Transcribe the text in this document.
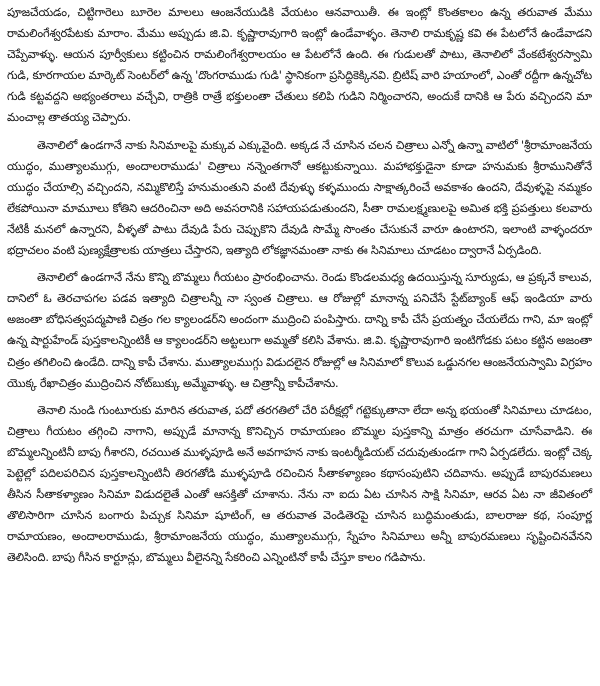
పూజచేయడం, చిట్టిగారెలు బూరెల మాలలు ఆంజనేయుడికి వేయటం ఆనవాయితీ. ఈ ఇంట్లో కొంతకాలం ఉన్న తరువాత మేము రామలింగేశ్వరపేటకు మారాం. మేము అప్పుడు జి.వి. కృష్ణారావుగారి ఇంట్లో ఉండేవాళ్ళం. తెనాలి రామకృష్ణ కవి ఈ పేటలోనే ఉండేవాడని చెప్పేవాళ్ళు. ఆయన పూర్వీకులు కట్టించిన రామలింగేశ్వరాలయం ఆ పేటలోనే ఉంది. ఈ గుడులతో పాటు, తెనాలిలో వేంకటేశ్వరస్వామి గుడి, కూరగాయల మార్కెట్ సెంటర్‌లో ఉన్న 'దొంగరాముడు గుడి' స్థానికంగా ప్రసిద్ధికెక్కినవి. బ్రిటిష్ వారి హయాంలో, ఎంతో రద్దీగా ఉన్నచోట గుడి కట్టవద్దని అభ్యంతరాలు వచ్చేవి, రాత్రికి రాత్రే భక్తులంతా చేతులు కలిపి గుడిని నిర్మించారని, అందుకే దానికి ఆ పేరు వచ్చిందని మా మంచాల్ల తాతయ్య చెప్పారు.

తెనాలిలో ఉండగానే నాకు సినిమాలపై మక్కువ ఎక్కువైంది. అక్కడ నే చూసిన చలన చిత్రాలు ఎన్నో ఉన్నా వాటిలో 'శ్రీరామాంజనేయ యుద్ధం, ముత్యాలముగ్గు, అందాలరాముడు' చిత్రాలు నన్నెంతగానో ఆకట్టుకున్నాయి. మహాభక్తుడైనా కూడా హనుమకు శ్రీరామునితోనే యుద్ధం చేయాల్సి వచ్చిందని, నమ్మికొలిస్తే హనుమంతుని వంటి దేవుళ్ళు కళ్ళముందు సాక్షాత్కరించే అవకాశం ఉందని, దేవుళ్ళపై నమ్మకం లేకపోయినా మామూలు కోతిని ఆదరించినా అది అవసరానికి సహాయపడుతుందని, సీతా రామలక్ష్మణులపై అమిత భక్తి ప్రపత్తులు కలవారు నేటికీ మనలో ఉన్నారని, వీళ్ళతో పాటు దేవుడి పేరు చెప్పుకొని దేవుడి సొమ్మే సొంతం చేసుకునే వారూ ఉంటారని, ఇలాంటి వాళ్ళందరూ భద్రాచలం వంటి పుణ్యక్షేత్రాలకు యాత్రలు చేస్తారని, ఇత్యాది లోకజ్ఞానమంతా నాకు ఈ సినిమాలు చూడటం ద్వారానే ఏర్పడింది.

తెనాలిలో ఉండగానే నేను కొన్ని బొమ్మలు గీయటం ప్రారంభించాను. రెండు కొండలమధ్య ఉదయిస్తున్న సూర్యుడు, ఆ ప్రక్కనే కాలువ, దానిలో ఓ తెరచాపగల పడవ ఇత్యాది చిత్రాలన్నీ నా స్వంత చిత్రాలు. ఆ రోజుల్లో మానాన్న పనిచేసే స్టేట్‌బ్యాంక్ ఆఫ్ ఇండియా వారు అజంతా బోధిసత్వపద్మపాణి చిత్రం గల క్యాలండర్‌ని అందంగా ముద్రించి పంపిస్తారు. దాన్ని కాపీ చేసే ప్రయత్నం చేయలేదు గాని, మా ఇంట్లో ఉన్న షార్టుహేండ్ పుస్తకాలన్నింటికీ ఆ క్యాలండర్‌ని అట్టలుగా అమ్మతో కలిసి వేశాను. జి.వి. కృష్ణారావుగారి ఇంటిగోడకు పటం కట్టిన అజంతా చిత్రం తగిలించి ఉండేది. దాన్ని కాపీ చేశాను. ముత్యాలముగ్గు విడుదలైన రోజుల్లో ఆ సినిమాలో కొలువ ఒడ్డునగల ఆంజనేయస్వామి విగ్రహం యొక్క రేఖాచిత్రం ముద్రించిన నోట్‌బుక్కు అమ్మేవాళ్ళు. ఆ చిత్రాన్నీ కాపీచేశాను.

తెనాలి నుండి గుంటూరుకు మారిన తరువాత, పదో తరగతిలో చేరి పరీక్షల్లో గట్టెక్కుతానా లేదా అన్న భయంతో సినిమాలు చూడటం, చిత్రాలు గీయటం తగ్గించి నాగాని, అప్పుడే మానాన్న కొనిచ్చిన రామాయణం బొమ్మల పుస్తకాన్ని మాత్రం తరచుగా చూసేవాడిని. ఈ బొమ్మలన్నింటినీ బాపు గీశారని, రచయిత ముళ్ళపూడి అనే అవగాహన నాకు ఇంటర్మీడియట్ చదువుతుండగా గాని ఏర్పడలేదు. ఇంట్లో చెక్క పెట్టెల్లో పదిలపరిచిన పుస్తకాలన్నింటినీ తిరగతోడి ముళ్ళపూడి రచించిన సీతాకళ్యాణం కథాసంపుటిని చదివాను. అప్పుడే బాపురమణలు తీసిన సీతాకళ్యాణం సినిమా విడుదలైతే ఎంతో ఆసక్తితో చూశాను. నేను నా ఐదు ఏట చూసిన సాక్షి సినిమా, ఆరవ ఏట నా జీవితంలో తొలిసారిగా చూసిన బంగారు పిచ్చుక సినిమా షూటింగ్, ఆ తరువాత వెండితెరపై చూసిన బుద్ధిమంతుడు, బాలరాజు కథ, సంపూర్ణ రామాయణం, అందాలరాముడు, శ్రీరామాంజనేయ యుద్ధం, ముత్యాలముగ్గు, స్నేహం సినిమాలు అన్నీ బాపురమణలు సృష్టించినవేనని తెలిసింది. బాపు గీసిన కార్టూన్లు, బొమ్మలు వీలైనన్ని సేకరించి ఎన్నింటినో కాపీ చేస్తూ కాలం గడిపాను.
